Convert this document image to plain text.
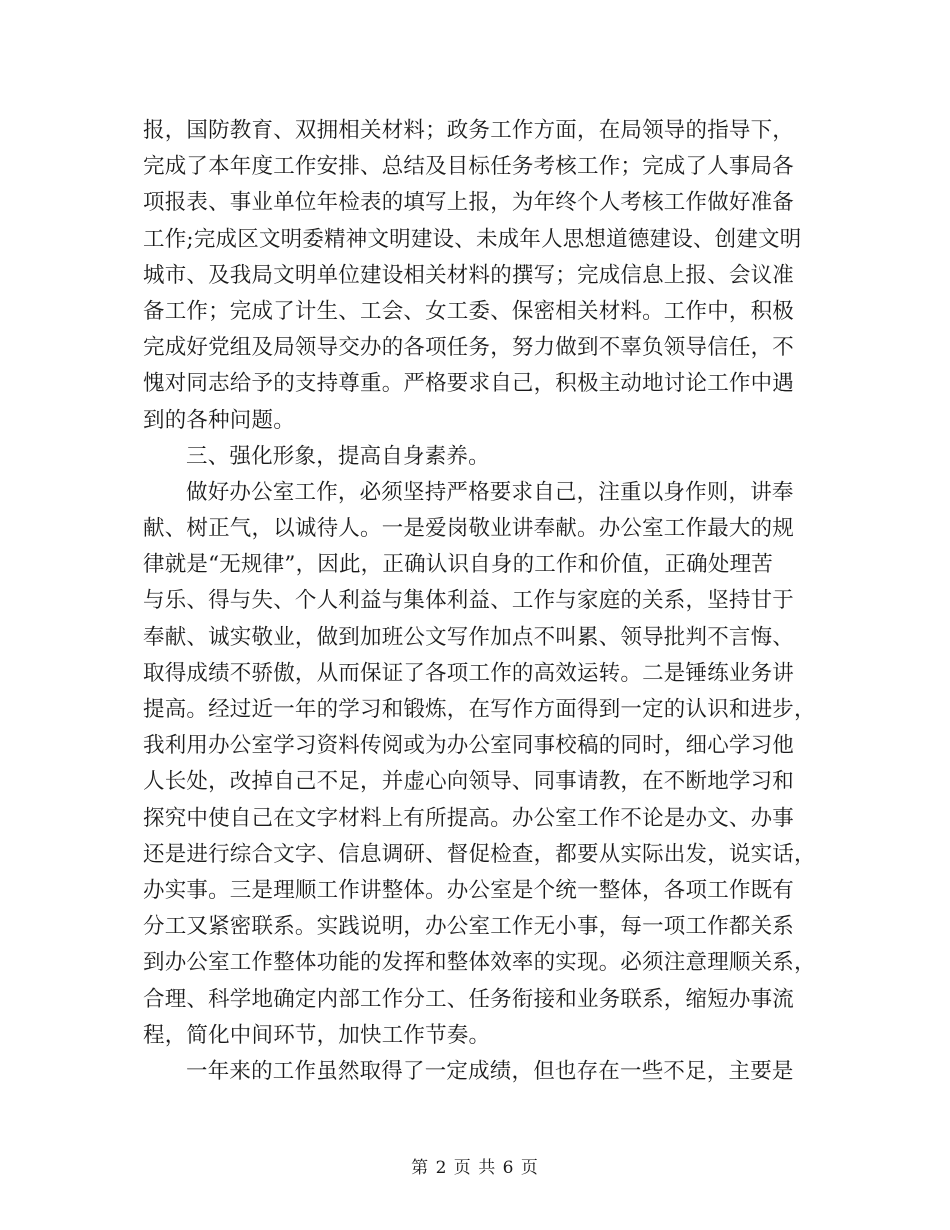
报，国防教育、双拥相关材料；政务工作方面，在局领导的指导下，
完成了本年度工作安排、总结及目标任务考核工作；完成了人事局各
项报表、事业单位年检表的填写上报，为年终个人考核工作做好准备
工作;完成区文明委精神文明建设、未成年人思想道德建设、创建文明
城市、及我局文明单位建设相关材料的撰写；完成信息上报、会议准
备工作；完成了计生、工会、女工委、保密相关材料。工作中，积极
完成好党组及局领导交办的各项任务，努力做到不辜负领导信任，不
愧对同志给予的支持尊重。严格要求自己，积极主动地讨论工作中遇
到的各种问题。
三、强化形象，提高自身素养。
做好办公室工作，必须坚持严格要求自己，注重以身作则，讲奉
献、树正气，以诚待人。一是爱岗敬业讲奉献。办公室工作最大的规
律就是“无规律”，因此，正确认识自身的工作和价值，正确处理苦
与乐、得与失、个人利益与集体利益、工作与家庭的关系，坚持甘于
奉献、诚实敬业，做到加班公文写作加点不叫累、领导批判不言悔、
取得成绩不骄傲，从而保证了各项工作的高效运转。二是锤练业务讲
提高。经过近一年的学习和锻炼，在写作方面得到一定的认识和进步，
我利用办公室学习资料传阅或为办公室同事校稿的同时，细心学习他
人长处，改掉自己不足，并虚心向领导、同事请教，在不断地学习和
探究中使自己在文字材料上有所提高。办公室工作不论是办文、办事
还是进行综合文字、信息调研、督促检查，都要从实际出发，说实话，
办实事。三是理顺工作讲整体。办公室是个统一整体，各项工作既有
分工又紧密联系。实践说明，办公室工作无小事，每一项工作都关系
到办公室工作整体功能的发挥和整体效率的实现。必须注意理顺关系，
合理、科学地确定内部工作分工、任务衔接和业务联系，缩短办事流
程，简化中间环节，加快工作节奏。
一年来的工作虽然取得了一定成绩，但也存在一些不足，主要是
第 2 页 共 6 页
